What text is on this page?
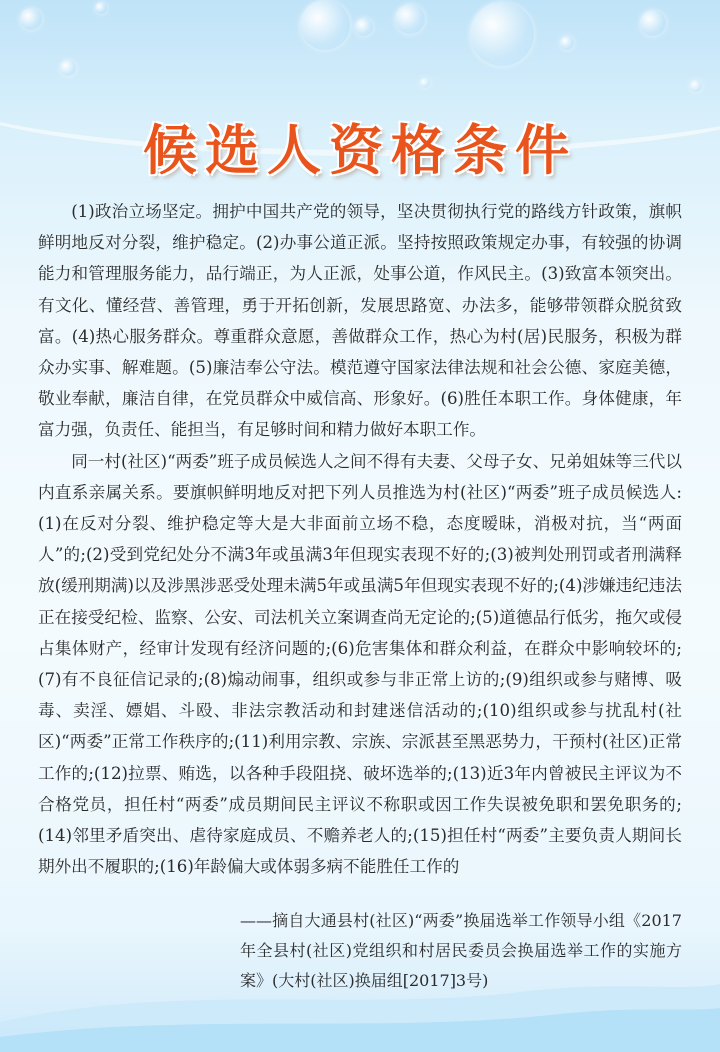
候选人资格条件

(1)政治立场坚定。拥护中国共产党的领导，坚决贯彻执行党的路线方针政策，旗帜鲜明地反对分裂，维护稳定。(2)办事公道正派。坚持按照政策规定办事，有较强的协调能力和管理服务能力，品行端正，为人正派，处事公道，作风民主。(3)致富本领突出。有文化、懂经营、善管理，勇于开拓创新，发展思路宽、办法多，能够带领群众脱贫致富。(4)热心服务群众。尊重群众意愿，善做群众工作，热心为村(居)民服务，积极为群众办实事、解难题。(5)廉洁奉公守法。模范遵守国家法律法规和社会公德、家庭美德，敬业奉献，廉洁自律，在党员群众中威信高、形象好。(6)胜任本职工作。身体健康，年富力强，负责任、能担当，有足够时间和精力做好本职工作。

同一村(社区)“两委”班子成员候选人之间不得有夫妻、父母子女、兄弟姐妹等三代以内直系亲属关系。要旗帜鲜明地反对把下列人员推选为村(社区)“两委”班子成员候选人:(1)在反对分裂、维护稳定等大是大非面前立场不稳，态度暧昧，消极对抗，当“两面人”的;(2)受到党纪处分不满3年或虽满3年但现实表现不好的;(3)被判处刑罚或者刑满释放(缓刑期满)以及涉黑涉恶受处理未满5年或虽满5年但现实表现不好的;(4)涉嫌违纪违法正在接受纪检、监察、公安、司法机关立案调查尚无定论的;(5)道德品行低劣，拖欠或侵占集体财产，经审计发现有经济问题的;(6)危害集体和群众利益，在群众中影响较坏的;(7)有不良征信记录的;(8)煽动闹事，组织或参与非正常上访的;(9)组织或参与赌博、吸毒、卖淫、嫖娼、斗殴、非法宗教活动和封建迷信活动的;(10)组织或参与扰乱村(社区)“两委”正常工作秩序的;(11)利用宗教、宗族、宗派甚至黑恶势力，干预村(社区)正常工作的;(12)拉票、贿选，以各种手段阻挠、破坏选举的;(13)近3年内曾被民主评议为不合格党员，担任村“两委”成员期间民主评议不称职或因工作失误被免职和罢免职务的;(14)邻里矛盾突出、虐待家庭成员、不赡养老人的;(15)担任村“两委”主要负责人期间长期外出不履职的;(16)年龄偏大或体弱多病不能胜任工作的

——摘自大通县村(社区)“两委”换届选举工作领导小组《2017年全县村(社区)党组织和村居民委员会换届选举工作的实施方案》(大村(社区)换届组[2017]3号)
